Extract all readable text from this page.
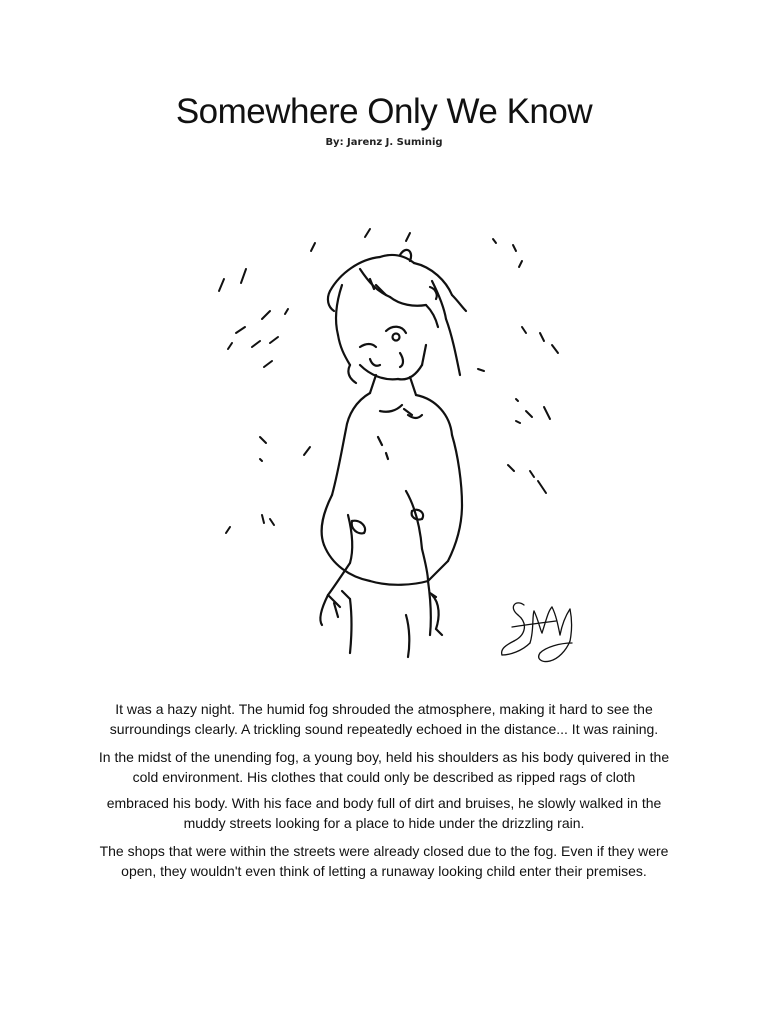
Somewhere Only We Know
By: Jarenz J. Suminig

It was a hazy night. The humid fog shrouded the atmosphere, making it hard to see the surroundings clearly. A trickling sound repeatedly echoed in the distance... It was raining.

In the midst of the unending fog, a young boy, held his shoulders as his body quivered in the cold environment. His clothes that could only be described as ripped rags of cloth

embraced his body. With his face and body full of dirt and bruises, he slowly walked in the muddy streets looking for a place to hide under the drizzling rain.

The shops that were within the streets were already closed due to the fog. Even if they were open, they wouldn't even think of letting a runaway looking child enter their premises.
